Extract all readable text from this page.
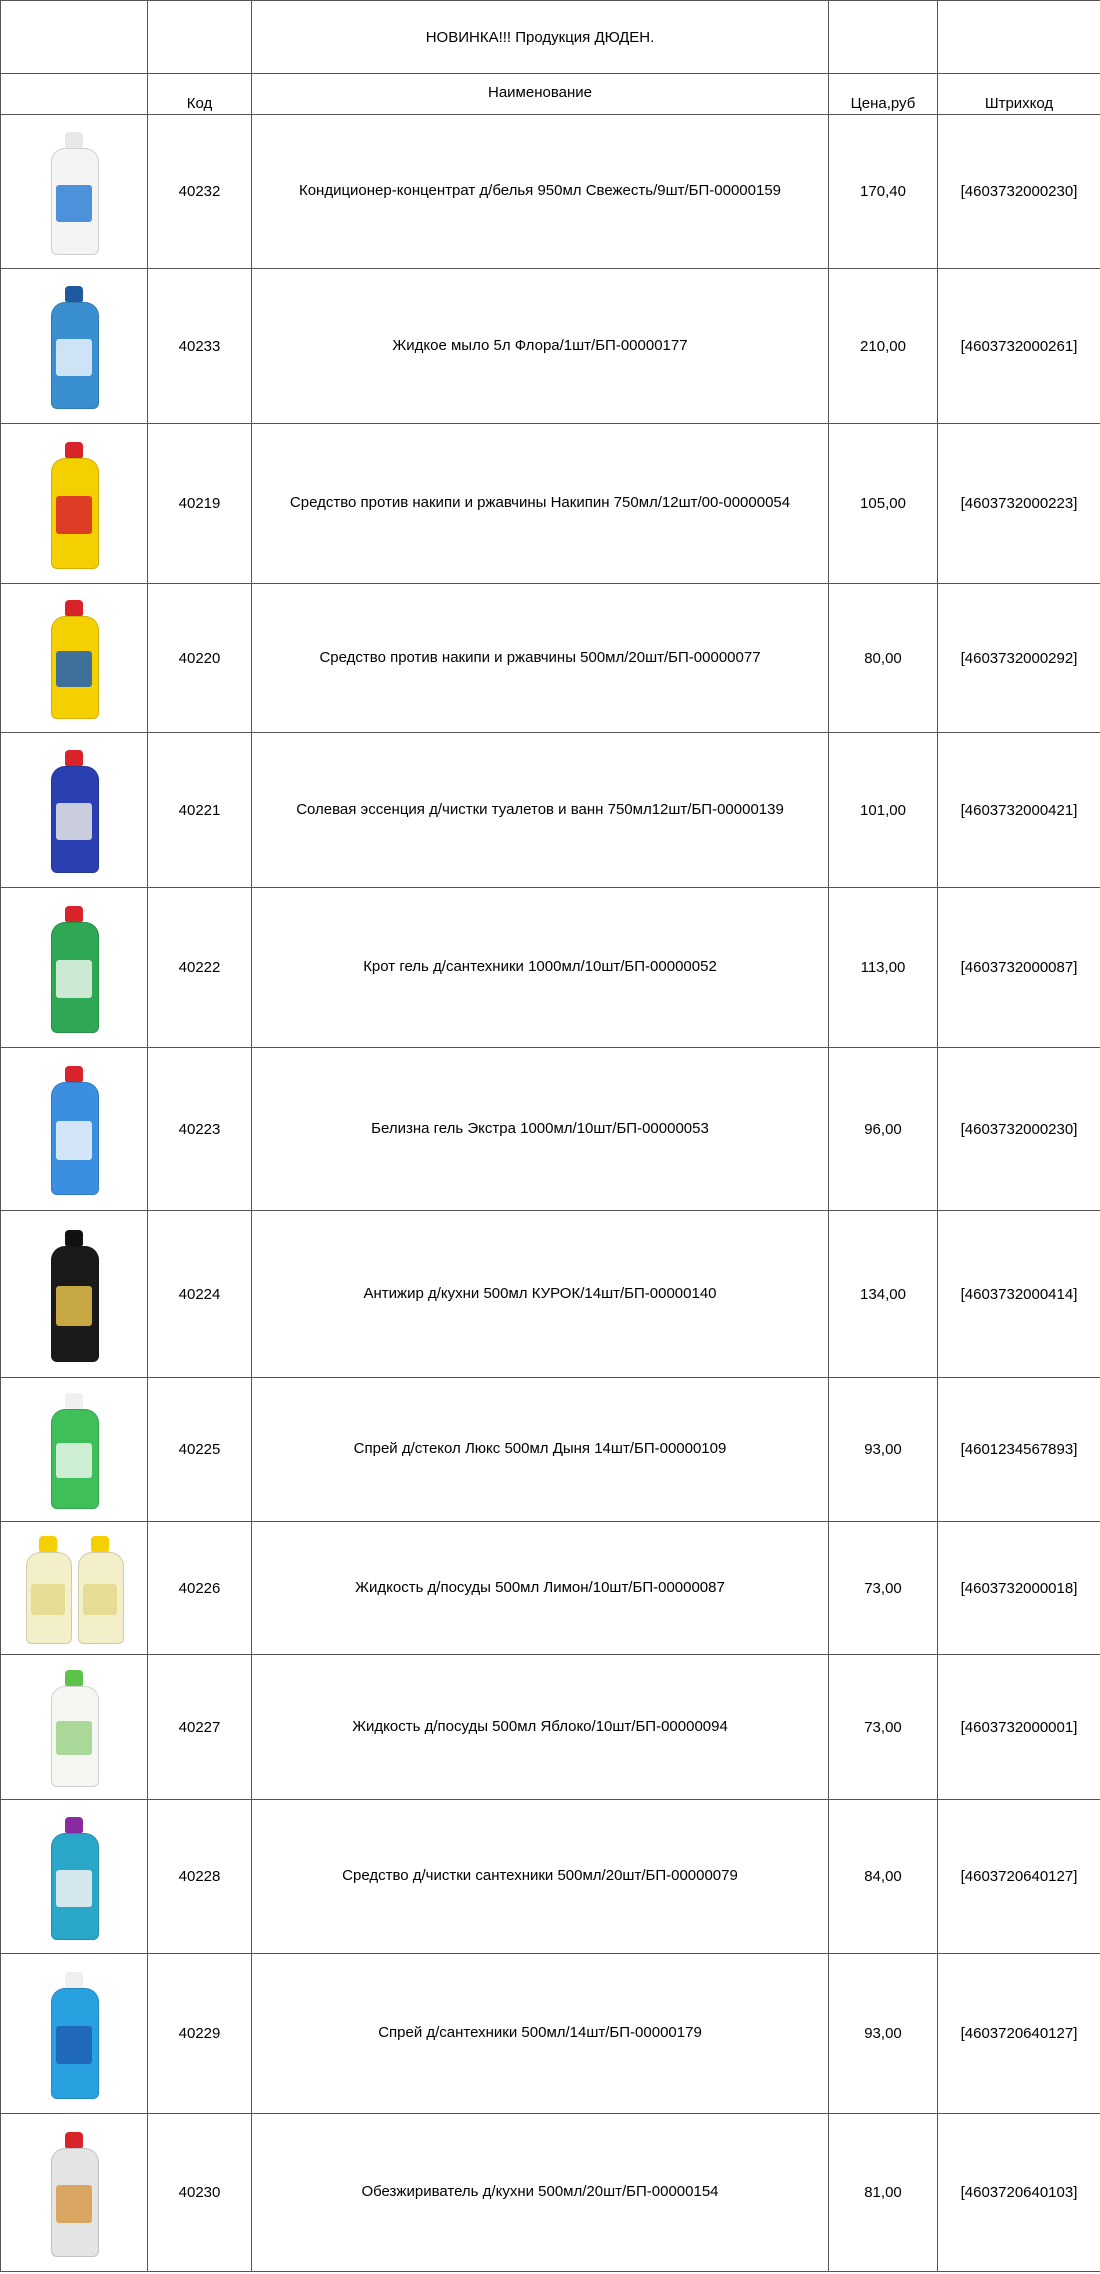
		НОВИНКА!!! Продукция ДЮДЕН.		
	Код	Наименование	Цена,руб	Штрихкод

	40232	Кондиционер-концентрат д/белья 950мл Свежесть/9шт/БП-00000159	170,40	[4603732000230]

	40233	Жидкое мыло 5л Флора/1шт/БП-00000177	210,00	[4603732000261]

	40219	Средство против накипи и ржавчины Накипин 750мл/12шт/00-00000054	105,00	[4603732000223]

	40220	Средство против накипи и ржавчины 500мл/20шт/БП-00000077	80,00	[4603732000292]

	40221	Солевая эссенция д/чистки туалетов и ванн 750мл12шт/БП-00000139	101,00	[4603732000421]

	40222	Крот гель д/сантехники 1000мл/10шт/БП-00000052	113,00	[4603732000087]

	40223	Белизна гель Экстра 1000мл/10шт/БП-00000053	96,00	[4603732000230]

	40224	Антижир д/кухни 500мл КУРОК/14шт/БП-00000140	134,00	[4603732000414]

	40225	Спрей д/стекол Люкс 500мл Дыня 14шт/БП-00000109	93,00	[4601234567893]

	40226	Жидкость д/посуды 500мл Лимон/10шт/БП-00000087	73,00	[4603732000018]

	40227	Жидкость д/посуды 500мл Яблоко/10шт/БП-00000094	73,00	[4603732000001]

	40228	Средство д/чистки сантехники 500мл/20шт/БП-00000079	84,00	[4603720640127]

	40229	Спрей д/сантехники 500мл/14шт/БП-00000179	93,00	[4603720640127]

	40230	Обезжириватель д/кухни 500мл/20шт/БП-00000154	81,00	[4603720640103]
